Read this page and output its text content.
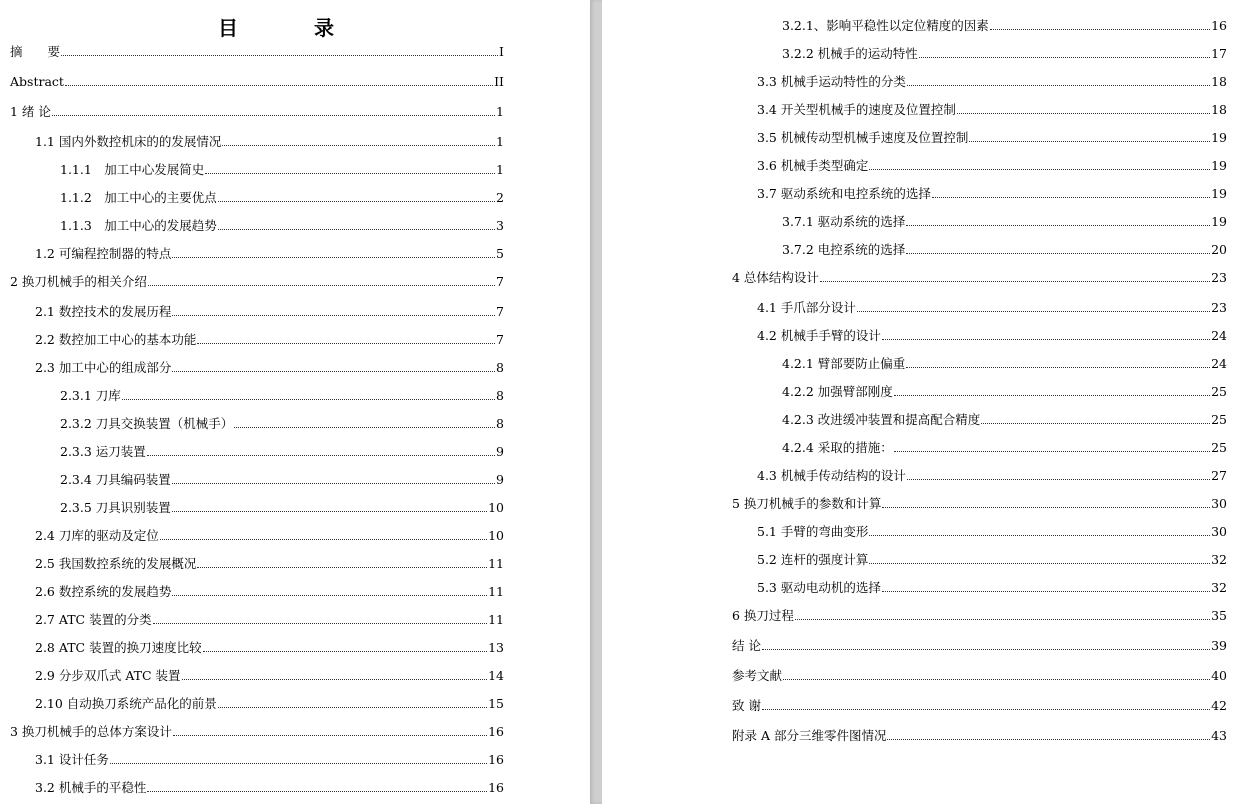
目　录
摘　　要	I
Abstract	II
1 绪 论	1
1.1 国内外数控机床的的发展情况	1
1.1.1　加工中心发展简史	1
1.1.2　加工中心的主要优点	2
1.1.3　加工中心的发展趋势	3
1.2 可编程控制器的特点	5
2 换刀机械手的相关介绍	7
2.1 数控技术的发展历程	7
2.2 数控加工中心的基本功能	7
2.3 加工中心的组成部分	8
2.3.1 刀库	8
2.3.2 刀具交换装置（机械手）	8
2.3.3 运刀装置	9
2.3.4 刀具编码装置	9
2.3.5 刀具识别装置	10
2.4 刀库的驱动及定位	10
2.5 我国数控系统的发展概况	11
2.6 数控系统的发展趋势	11
2.7 ATC 装置的分类	11
2.8 ATC 装置的换刀速度比较	13
2.9 分步双爪式 ATC 装置	14
2.10 自动换刀系统产品化的前景	15
3 换刀机械手的总体方案设计	16
3.1 设计任务	16
3.2 机械手的平稳性	16
3.2.1、影响平稳性以定位精度的因素	16
3.2.2 机械手的运动特性	17
3.3 机械手运动特性的分类	18
3.4 开关型机械手的速度及位置控制	18
3.5 机械传动型机械手速度及位置控制	19
3.6 机械手类型确定	19
3.7 驱动系统和电控系统的选择	19
3.7.1 驱动系统的选择	19
3.7.2 电控系统的选择	20
4 总体结构设计	23
4.1 手爪部分设计	23
4.2 机械手手臂的设计	24
4.2.1 臂部要防止偏重	24
4.2.2 加强臂部刚度	25
4.2.3 改进缓冲装置和提高配合精度	25
4.2.4 采取的措施：	25
4.3 机械手传动结构的设计	27
5 换刀机械手的参数和计算	30
5.1 手臂的弯曲变形	30
5.2 连杆的强度计算	32
5.3 驱动电动机的选择	32
6 换刀过程	35
结 论	39
参考文献	40
致 谢	42
附录 A 部分三维零件图情况	43
